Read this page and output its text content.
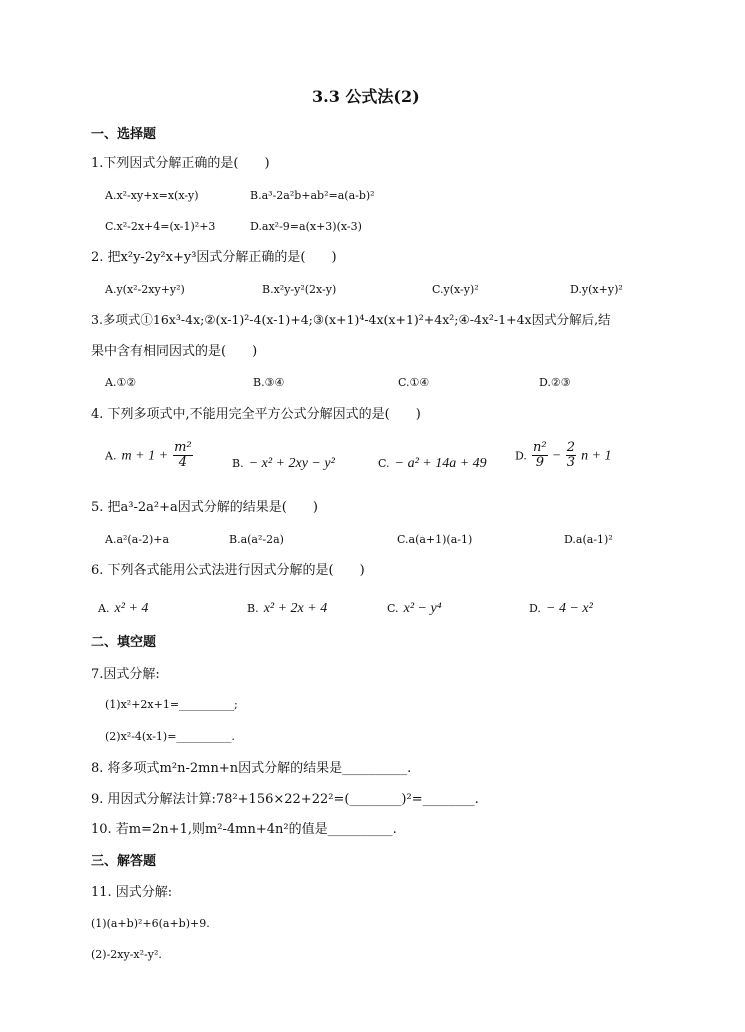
3.3 公式法(2)
一、选择题
1.下列因式分解正确的是(　　)
A.x²-xy+x=x(x-y)	B.a³-2a²b+ab²=a(a-b)²
C.x²-2x+4=(x-1)²+3	D.ax²-9=a(x+3)(x-3)
2. 把x²y-2y²x+y³因式分解正确的是(　　)
A.y(x²-2xy+y²)	B.x²y-y²(2x-y)	C.y(x-y)²	D.y(x+y)²
3.多项式①16x³-4x;②(x-1)²-4(x-1)+4;③(x+1)⁴-4x(x+1)²+4x²;④-4x²-1+4x因式分解后,结
果中含有相同因式的是(　　)
A.①②	B.③④	C.①④	D.②③
4. 下列多项式中,不能用完全平方公式分解因式的是(　　)
A. $m + 1 + \frac{\text{m²}}{4}$	B. − x² + 2xy − y²	C. − a² + 14a + 49	D. $\frac{\text{n²}}{9} - \frac{2}{3}$ n + 1
5. 把a³-2a²+a因式分解的结果是(　　)
A.a²(a-2)+a	B.a(a²-2a)	C.a(a+1)(a-1)	D.a(a-1)²
6. 下列各式能用公式法进行因式分解的是(　　)
A. x² + 4	B. x² + 2x + 4	C. x² − y⁴	D. − 4 − x²
二、填空题
7.因式分解:
(1)x²+2x+1=__________;
(2)x²-4(x-1)=__________.
8. 将多项式m²n-2mn+n因式分解的结果是__________.
9. 用因式分解法计算:78²+156×22+22²=(________)²=________.
10. 若m=2n+1,则m²-4mn+4n²的值是__________.
三、解答题
11. 因式分解:
(1)(a+b)²+6(a+b)+9.
(2)-2xy-x²-y².
